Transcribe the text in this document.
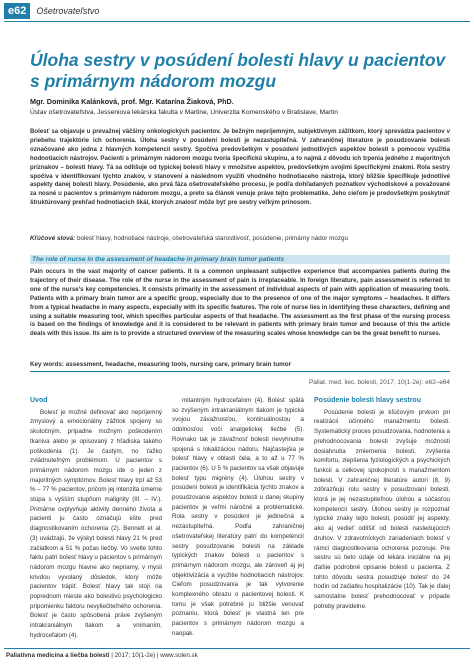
e62	Ošetrovateľstvo
Úloha sestry v posúdení bolesti hlavy u pacientov s primárnym nádorom mozgu
Mgr. Dominika Kalánková, prof. Mgr. Katarína Žiaková, PhD.
Ústav ošetrovateľstva, Jesseniova lekárska fakulta v Martine, Univerzita Komenského v Bratislave, Martin
Bolesť sa objavuje u prevažnej väčšiny onkologických pacientov. Je bežným nepríjemným, subjektívnym zážitkom, ktorý sprevádza pacientov v priebehu trajektórie ich ochorenia. Úloha sestry v posúdení bolesti je nezastupiteľná. V zahraničnej literatúre je posudzovanie bolesti označované ako jedna z hlavných kompetencií sestry. Spočíva predovšetkým v posúdení jednotlivých aspektov bolesti s pomocou využitia hodnotiacich nástrojov. Pacienti s primárnym nádorom mozgu tvoria špecifickú skupinu, a to najmä z dôvodu ich trpenia jedného z majoritných príznakov – bolesti hlavy. Tá sa odlišuje od typickej bolesti hlavy v množstve aspektov, predovšetkým svojimi špecifickými znakmi. Rola sestry spočíva v identifikovaní týchto znakov, v stanovení a následnom využití vhodného hodnotiaceho nástroja, ktorý bližšie špecifikuje jednotlivé aspekty danej bolesti hlavy. Posúdenie, ako prvá fáza ošetrovateľského procesu, je podľa dohľadaných poznatkov východiskové a považované za nosné u pacientov s primárnym nádorom mozgu, a preto sa článok venuje práve tejto problematike. Jeho cieľom je predovšetkým poskytnúť štruktúrovaný prehľad hodnotiacich škál, ktorých znalosť môže byť pre sestry veľkým prínosom.
Kľúčové slová: bolesť hlavy, hodnotiace nástroje, ošetrovateľská starostlivosť, posúdenie, primárny nádor mozgu
The role of nurse in the assessment of headache in primary brain tumor patients
Pain occurs in the vast majority of cancer patients. It is a common unpleasant subjective experience that accompanies patients during the trajectory of their disease. The role of the nurse in the assessment of pain is irreplaceable. In foreign literature, pain assessment is referred to one of the nurse’s key competencies. It consists primarily in the assessment of individual aspects of pain with application of measuring tools. Patients with a primary brain tumor are a specific group, especially due to the presence of one of the major symptoms – headaches. It differs from a typical headache in many aspects, especially with its specific features. The role of nurse lies in identifying these characters, defining and using a suitable measuring tool, which specifies particular aspects of that headache. The assessment as the first phase of the nursing process is based on the findings of knowledge and it is considered to be relevant in patients with primary brain tumor and because of this the article deals with this issue. Its aim is to provide a structured overview of the measuring scales whose knowledge can be the great benefit to nurses.
Key words: assessment, headache, measuring tools, nursing care, primary brain tumor
Paliat. med. liec. bolesti, 2017; 10(1-2e): e62–e64
Úvod

Bolesť je možné definovať ako nepríjemný zmyslový a emocionálny zážitok spojený so skutočným, prípadne možným poškodením tkaniva alebo je opisovaný z hľadiska takého poškodenia (1). Je častým, no ťažko zvládnuteľným problémom. U pacientov s primárnym nádorom mozgu ide o jeden z majoritných symptómov. Bolesť hlavy trpí až 53 % – 77 % pacientov, pričom jej intenzita úmerne stúpa s vyšším stupňom malignity (III. – IV.). Primárne ovplyvňuje aktivity denného života a pacienti ju často označujú ešte pred diagnostikovaním ochorenia (2). Bennett et al. (3) uvádzajú, že výskyt bolesti hlavy 21 % pred začiatkom a 51 % počas liečby. Vo svetle tohto faktu patrí bolesť hlavy u pacientov s primárnym nádorom mozgu hlavne ako nepriamy, v mysli krivdou vyvolaný dôsledok, ktorý môže pacientov trápiť. Bolesť hlavy tak stojí na poprednom mieste ako bolestivú psychologicko pripomienku faktoru nevyliečiteľného ochorenia. Bolesť je často spôsobená práve zvýšeným intrakraniálnym tlakom a vnímaním, hydrocefalom (4).

mitantným hydrocefalom (4). Bolesť spätá so zvýšeným intrakraniálnym tlakom je typická svojou závažnosťou, kontinuálnostou a odolnosťou voči analgetickej liečbe (5). Rovnako tak je závažnosť bolesti nevyhnutne spojená s lokalizáciou nádoru. Najčastejšia je bolesť hlavy v oblasti čela, a to až u 77 % pacientov (6). U 5 % pacientov sa však objavuje bolesť typu migrény (4). Úlohou sestry v posúdení bolesti je identifikácia týchto znakov a posudzovanie aspektov bolesti u danej skupiny pacientov je veľmi náročné a problematické. Rola sestry v posúdení je jedinečná a nezastupiteľná. Podľa zahraničnej ošetrovateľskej literatúry patrí do kompetencií sestry posudzovanie bolesti na základe typických znakov bolesti u pacientov s primárnym nádorom mozgu, ale zároveň aj jej objektivizácia a využitie hodnotiacich nástrojov. Cieľom posudzovania je tak vytvorenie komplexného obrazu o pacientovej bolesti. K tomu je však potrebné ju bližšie venovať poznaniu, ktorá bolesť je vlastná len pre pacientov s primárnym nádorom mozgu a naopak.

Posúdenie bolesti hlavy sestrou

Posúdenie bolesti je kľúčovým prvkom pri realizácii účinného manažmentu bolesti. Systematický proces posudzovania, hodnotenia a prehodnocovania bolesti zvyšuje možnosti dosiahnutia zmiernenia bolesti, zvýšenia komfortu, zlepšenia fyziologických a psychických funkcií a celkovej spokojnosti s manažmentom bolesti. V zahraničnej literatúre autori (8, 9) zdôrazňujú rolu sestry v posudzovaní bolesti, ktorá je jej nezastupiteľnou úlohou a súčasťou kompetencií sestry. Úlohou sestry je rozpoznať typické znaky tejto bolesti, posúdiť jej aspekty, ako aj vedieť odlíšiť od bolesti nasledujúcich druhov. V zdravotníckych zariadeniach bolesť v rámci diagnostikovania ochorenia pozoruje. Pre sestru sú tieto údaje od lekára iniciálne na jej ďalšie podrobné opisanie bolesti u pacienta. Z tohto dôvodu sestra posudzuje bolesť do 24 hodín od začiatku hospitalizácie (10). Tak je ďalej samostatne bolesť prehodnocovať v prípade potreby pravidelne.

Paliatívna medicína a liečba bolesti | 2017; 10(1-2e) | www.solen.sk
